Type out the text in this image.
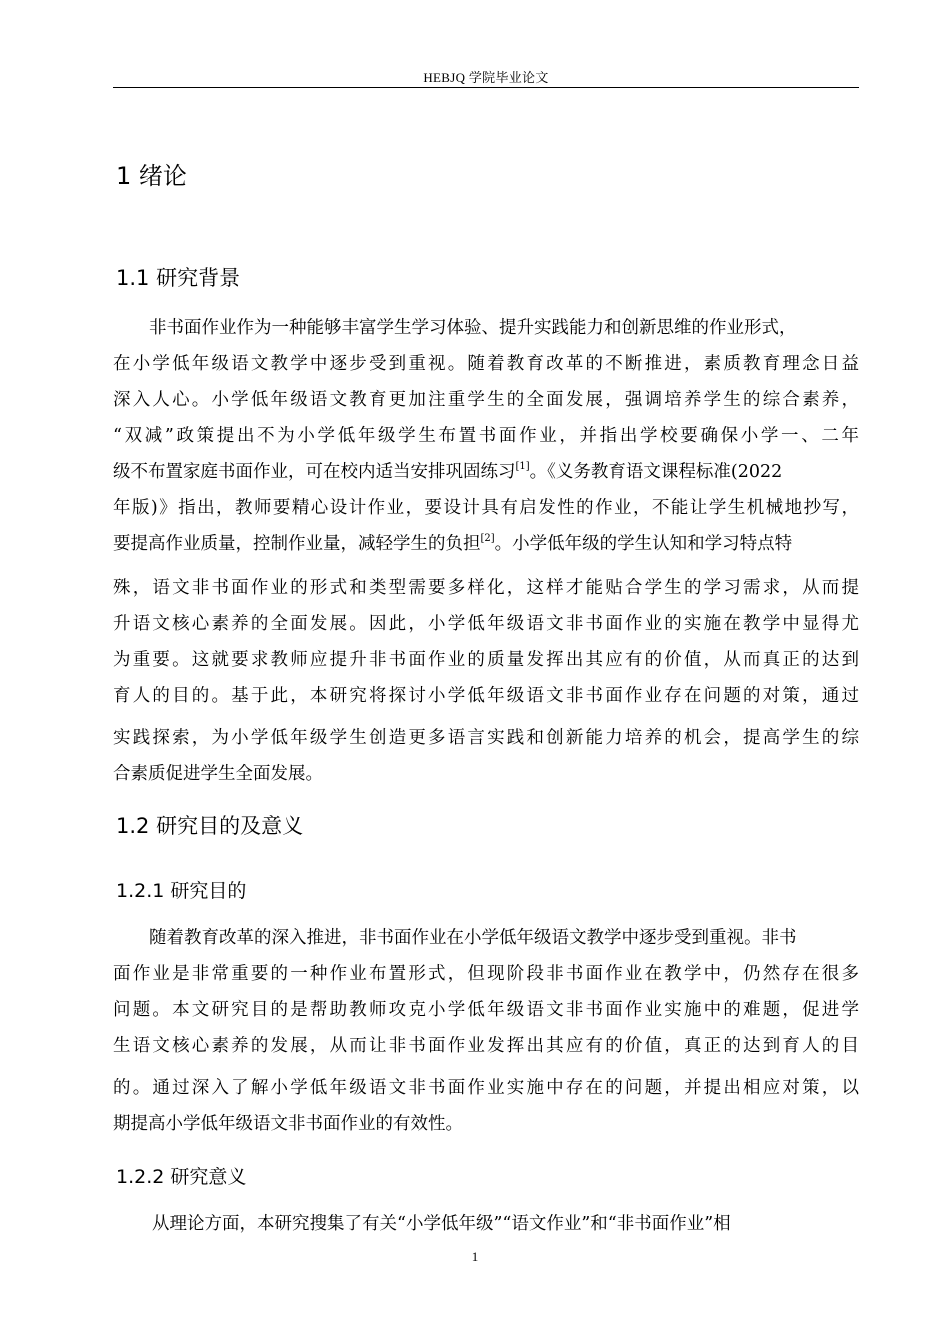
HEBJQ 学院毕业论文
1 绪论
1.1 研究背景
非书面作业作为一种能够丰富学生学习体验、提升实践能力和创新思维的作业形式，
在小学低年级语文教学中逐步受到重视。随着教育改革的不断推进，素质教育理念日益
深入人心。小学低年级语文教育更加注重学生的全面发展，强调培养学生的综合素养，
“双减”政策提出不为小学低年级学生布置书面作业，并指出学校要确保小学一、二年
级不布置家庭书面作业，可在校内适当安排巩固练习[1]。《义务教育语文课程标准(2022
年版)》指出，教师要精心设计作业，要设计具有启发性的作业，不能让学生机械地抄写，
要提高作业质量，控制作业量，减轻学生的负担[2]。小学低年级的学生认知和学习特点特
殊，语文非书面作业的形式和类型需要多样化，这样才能贴合学生的学习需求，从而提
升语文核心素养的全面发展。因此，小学低年级语文非书面作业的实施在教学中显得尤
为重要。这就要求教师应提升非书面作业的质量发挥出其应有的价值，从而真正的达到
育人的目的。基于此，本研究将探讨小学低年级语文非书面作业存在问题的对策，通过
实践探索，为小学低年级学生创造更多语言实践和创新能力培养的机会，提高学生的综
合素质促进学生全面发展。
1.2 研究目的及意义
1.2.1 研究目的
随着教育改革的深入推进，非书面作业在小学低年级语文教学中逐步受到重视。非书
面作业是非常重要的一种作业布置形式，但现阶段非书面作业在教学中，仍然存在很多
问题。本文研究目的是帮助教师攻克小学低年级语文非书面作业实施中的难题，促进学
生语文核心素养的发展，从而让非书面作业发挥出其应有的价值，真正的达到育人的目
的。通过深入了解小学低年级语文非书面作业实施中存在的问题，并提出相应对策，以
期提高小学低年级语文非书面作业的有效性。
1.2.2 研究意义
从理论方面，本研究搜集了有关“小学低年级”“语文作业”和“非书面作业”相
1
